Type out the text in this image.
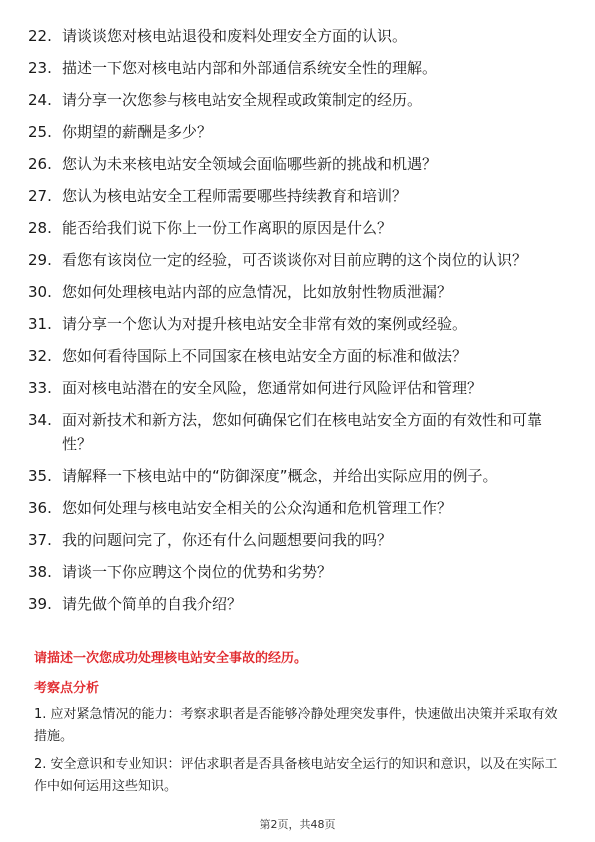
22. 请谈谈您对核电站退役和废料处理安全方面的认识。
23. 描述一下您对核电站内部和外部通信系统安全性的理解。
24. 请分享一次您参与核电站安全规程或政策制定的经历。
25. 你期望的薪酬是多少？
26. 您认为未来核电站安全领域会面临哪些新的挑战和机遇？
27. 您认为核电站安全工程师需要哪些持续教育和培训？
28. 能否给我们说下你上一份工作离职的原因是什么？
29. 看您有该岗位一定的经验，可否谈谈你对目前应聘的这个岗位的认识？
30. 您如何处理核电站内部的应急情况，比如放射性物质泄漏？
31. 请分享一个您认为对提升核电站安全非常有效的案例或经验。
32. 您如何看待国际上不同国家在核电站安全方面的标准和做法？
33. 面对核电站潜在的安全风险，您通常如何进行风险评估和管理？
34. 面对新技术和新方法，您如何确保它们在核电站安全方面的有效性和可靠性？
35. 请解释一下核电站中的“防御深度”概念，并给出实际应用的例子。
36. 您如何处理与核电站安全相关的公众沟通和危机管理工作？
37. 我的问题问完了，你还有什么问题想要问我的吗？
38. 请谈一下你应聘这个岗位的优势和劣势？
39. 请先做个简单的自我介绍？
请描述一次您成功处理核电站安全事故的经历。
考察点分析
1. 应对紧急情况的能力：考察求职者是否能够冷静处理突发事件，快速做出决策并采取有效措施。
2. 安全意识和专业知识：评估求职者是否具备核电站安全运行的知识和意识，以及在实际工作中如何运用这些知识。
第2页，共48页
